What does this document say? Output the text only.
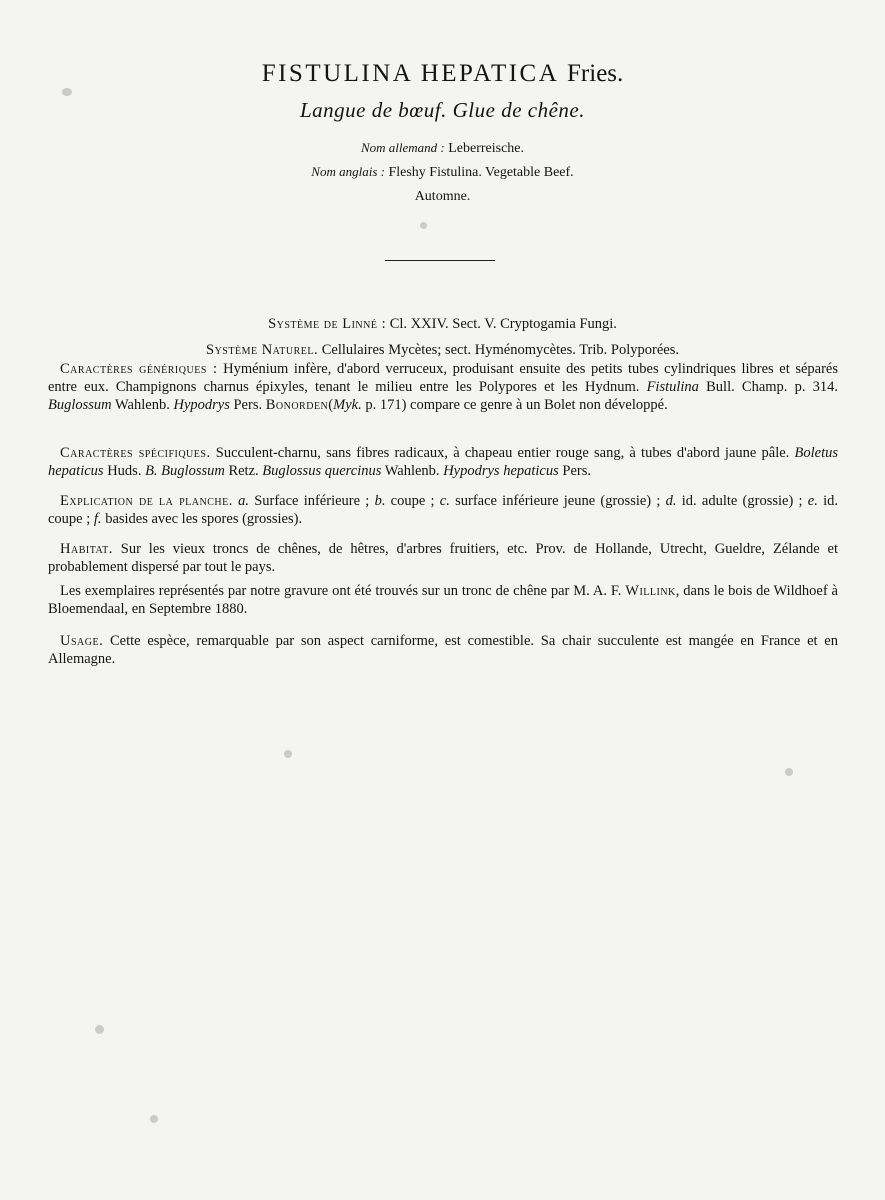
FISTULINA HEPATICA Fries.
Langue de bœuf. Glue de chêne.
Nom allemand : Leberreische.
Nom anglais : Fleshy Fistulina. Vegetable Beef.
Automne.
Système de Linné : Cl. XXIV. Sect. V. Cryptogamia Fungi.
Système Naturel. Cellulaires Mycètes; sect. Hyménomycètes. Trib. Polyporées.
Caractères génériques : Hyménium infère, d'abord verruceux, produisant ensuite des petits tubes cylindriques libres et séparés entre eux. Champignons charnus épixyles, tenant le milieu entre les Polypores et les Hydnum. Fistulina Bull. Champ. p. 314. Buglossum Wahlenb. Hypodrys Pers. Bonorden(Myk. p. 171) compare ce genre à un Bolet non développé.
Caractères spécifiques. Succulent-charnu, sans fibres radicaux, à chapeau entier rouge sang, à tubes d'abord jaune pâle. Boletus hepaticus Huds. B. Buglossum Retz. Buglossus quercinus Wahlenb. Hypodrys hepaticus Pers.
Explication de la planche. a. Surface inférieure ; b. coupe ; c. surface inférieure jeune (grossie) ; d. id. adulte (grossie) ; e. id. coupe ; f. basides avec les spores (grossies).
Habitat. Sur les vieux troncs de chênes, de hêtres, d'arbres fruitiers, etc. Prov. de Hollande, Utrecht, Gueldre, Zélande et probablement dispersé par tout le pays.
Les exemplaires représentés par notre gravure ont été trouvés sur un tronc de chêne par M. A. F. Willink, dans le bois de Wildhoef à Bloemendaal, en Septembre 1880.
Usage. Cette espèce, remarquable par son aspect carniforme, est comestible. Sa chair succulente est mangée en France et en Allemagne.
